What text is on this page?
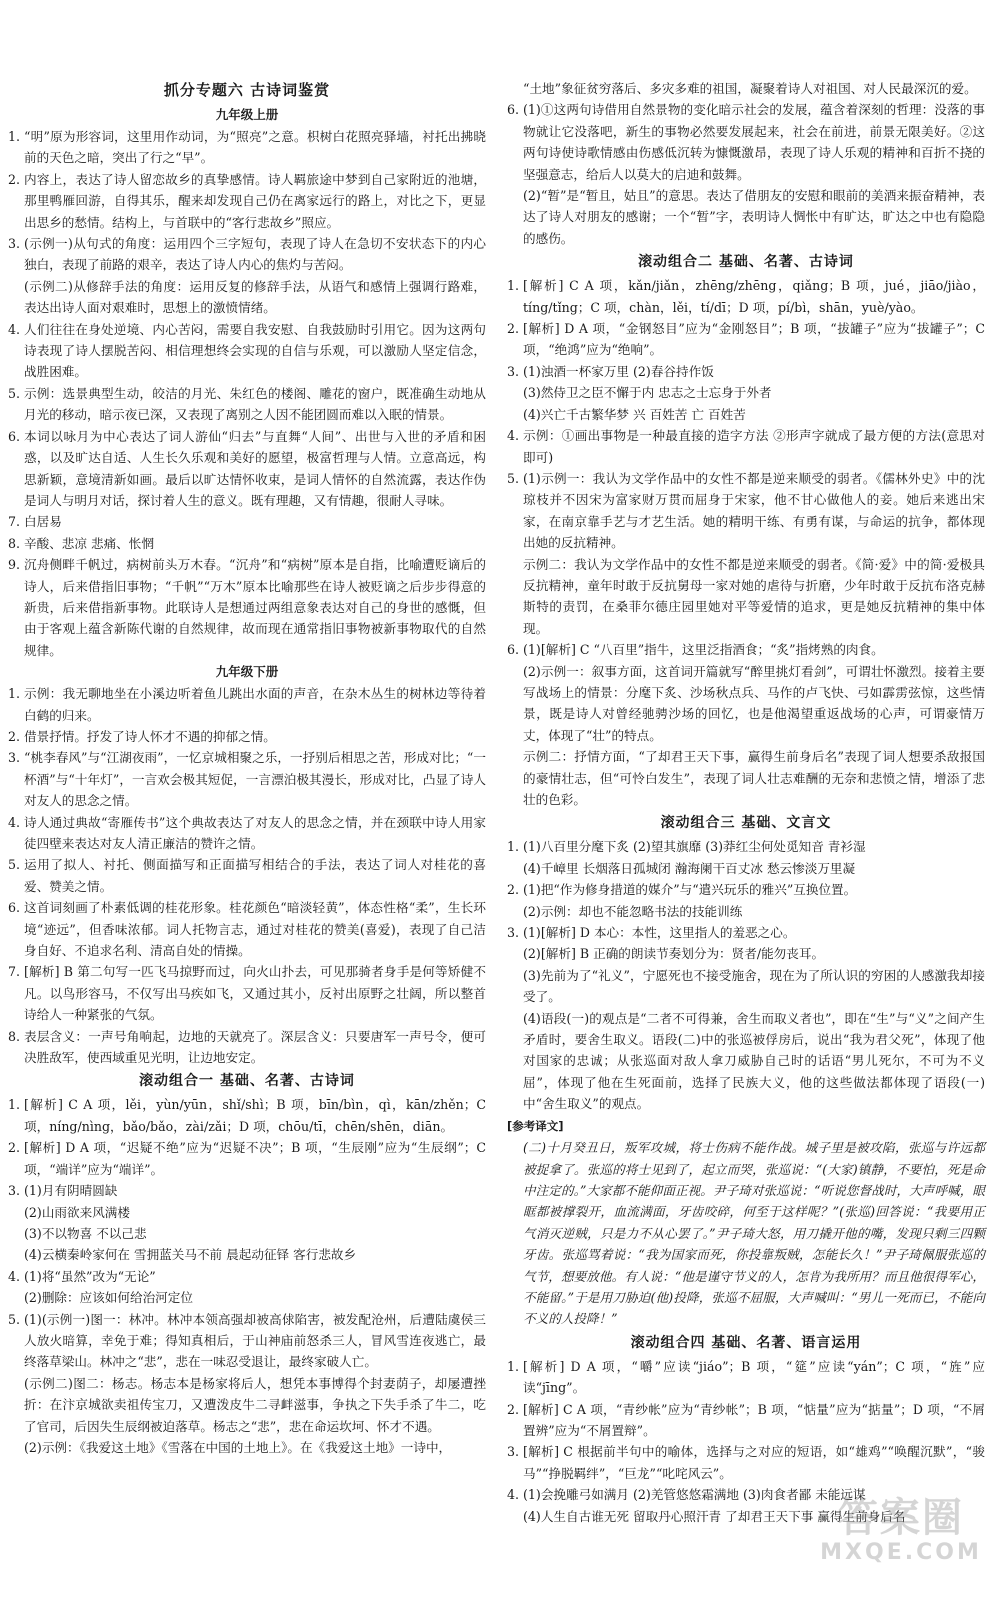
抓分专题六 古诗词鉴赏
九年级上册
1. “明”原为形容词，这里用作动词，为“照亮”之意。枳树白花照亮驿墙，衬托出拂晓前的天色之暗，突出了行之“早”。
2. 内容上，表达了诗人留恋故乡的真挚感情。诗人羁旅途中梦到自己家附近的池塘，那里鸭雁回游，自得其乐，醒来却发现自己仍在离家远行的路上，对比之下，更显出思乡的愁情。结构上，与首联中的“客行悲故乡”照应。
3. (示例一)从句式的角度：运用四个三字短句，表现了诗人在急切不安状态下的内心独白，表现了前路的艰辛，表达了诗人内心的焦灼与苦闷。
(示例二)从修辞手法的角度：运用反复的修辞手法，从语气和感情上强调行路难，表达出诗人面对艰难时，思想上的激愤情绪。
4. 人们往往在身处逆境、内心苦闷，需要自我安慰、自我鼓励时引用它。因为这两句诗表现了诗人摆脱苦闷、相信理想终会实现的自信与乐观，可以激励人坚定信念，战胜困难。
5. 示例：选景典型生动，皎洁的月光、朱红色的楼阁、雕花的窗户，既准确生动地从月光的移动，暗示夜已深，又表现了离别之人因不能团圆而难以入眠的情景。
6. 本词以咏月为中心表达了词人游仙“归去”与直舞“人间”、出世与入世的矛盾和困惑，以及旷达自适、人生长久乐观和美好的愿望，极富哲理与人情。立意高远，构思新颖，意境清新如画。最后以旷达情怀收束，是词人情怀的自然流露，表达作伪是词人与明月对话，探讨着人生的意义。既有理趣，又有情趣，很耐人寻味。
7. 白居易
8. 辛酸、悲凉 悲痛、怅惘
9. 沉舟侧畔千帆过，病树前头万木春。“沉舟”和“病树”原本是自指，比喻遭贬谪后的诗人，后来借指旧事物；“千帆”“万木”原本比喻那些在诗人被贬谪之后步步得意的新贵，后来借指新事物。此联诗人是想通过两组意象表达对自己的身世的感慨，但由于客观上蕴含新陈代谢的自然规律，故而现在通常指旧事物被新事物取代的自然规律。
九年级下册
1. 示例：我无聊地坐在小溪边听着鱼儿跳出水面的声音，在杂木丛生的树林边等待着白鹤的归来。
2. 借景抒情。抒发了诗人怀才不遇的抑郁之情。
3. “桃李春风”与“江湖夜雨”，一忆京城相聚之乐，一抒别后相思之苦，形成对比；“一杯酒”与“十年灯”，一言欢会极其短促，一言漂泊极其漫长，形成对比，凸显了诗人对友人的思念之情。
4. 诗人通过典故“寄雁传书”这个典故表达了对友人的思念之情，并在颈联中诗人用家徒四壁来表达对友人清正廉洁的赞许之情。
5. 运用了拟人、衬托、侧面描写和正面描写相结合的手法，表达了词人对桂花的喜爱、赞美之情。
6. 这首词刻画了朴素低调的桂花形象。桂花颜色“暗淡轻黄”，体态性格“柔”，生长环境“迹远”，但香味浓郁。词人托物言志，通过对桂花的赞美(喜爱)，表现了自己洁身自好、不追求名利、清高自处的情操。
7. [解析] B 第二句写一匹飞马掠野而过，向火山扑去，可见那骑者身手是何等矫健不凡。以鸟形容马，不仅写出马疾如飞，又通过其小，反衬出原野之壮阔，所以整首诗给人一种紧张的气氛。
8. 表层含义：一声号角响起，边地的天就亮了。深层含义：只要唐军一声号令，便可决胜敌军，使西域重见光明，让边地安定。
滚动组合一 基础、名著、古诗词
1. [解析] C A 项，lěi，yùn/yūn，shǐ/shì；B 项，bīn/bìn，qì，kān/zhěn；C 项，níng/nìng，bǎo/bǎo，zài/zǎi；D 项，chōu/tī，chēn/shēn，diān。
2. [解析] D A 项，“迟疑不绝”应为“迟疑不决”；B 项，“生辰刚”应为“生辰纲”；C 项，“端详”应为“端详”。
3. (1)月有阴晴圆缺
(2)山雨欲来风满楼
(3)不以物喜 不以己悲
(4)云横秦岭家何在 雪拥蓝关马不前 晨起动征铎 客行悲故乡
4. (1)将“虽然”改为“无论”
(2)删除：应该如何给治河定位
5. (1)(示例一)图一：林冲。林冲本领高强却被高俅陷害，被发配沧州，后遭陆虞侯三人放火暗算，幸免于难；得知真相后，于山神庙前怒杀三人，冒风雪连夜逃亡，最终落草梁山。林冲之“悲”，悲在一味忍受退让，最终家破人亡。
(示例二)图二：杨志。杨志本是杨家将后人，想凭本事博得个封妻荫子，却屡遭挫折：在汴京城欲卖祖传宝刀，又遭泼皮牛二寻衅滋事，争执之下失手杀了牛二，吃了官司，后因失生辰纲被迫落草。杨志之“悲”，悲在命运坎坷、怀才不遇。
(2)示例：《我爱这土地》《雪落在中国的土地上》。在《我爱这土地》一诗中，

“土地”象征贫穷落后、多灾多难的祖国，凝聚着诗人对祖国、对人民最深沉的爱。

6. (1)①这两句诗借用自然景物的变化暗示社会的发展，蕴含着深刻的哲理：没落的事物就让它没落吧，新生的事物必然要发展起来，社会在前进，前景无限美好。②这两句诗使诗歌情感由伤感低沉转为慷慨激昂，表现了诗人乐观的精神和百折不挠的坚强意志，给后人以莫大的启迪和鼓舞。
(2)“暂”是“暂且，姑且”的意思。表达了借朋友的安慰和眼前的美酒来振奋精神，表达了诗人对朋友的感谢；一个“暂”字，表明诗人惆怅中有旷达，旷达之中也有隐隐的感伤。
滚动组合二 基础、名著、古诗词
1. [解析] C A 项，kǎn/jiǎn，zhēng/zhēng，qiǎng；B 项，jué，jiāo/jiào，tíng/tǐng；C 项，chàn，lěi，tí/dī；D 项，pí/bì，shān，yuè/yào。
2. [解析] D A 项，“金钢怒目”应为“金刚怒目”；B 项，“拔罐子”应为“拔罐子”；C 项，“绝鸿”应为“绝响”。
3. (1)浊酒一杯家万里 (2)春谷持作饭
(3)然侍卫之臣不懈于内 忠志之士忘身于外者
(4)兴亡千古繁华梦 兴 百姓苦 亡 百姓苦
4. 示例：①画出事物是一种最直接的造字方法 ②形声字就成了最方便的方法(意思对即可)
5. (1)示例一：我认为文学作品中的女性不都是逆来顺受的弱者。《儒林外史》中的沈琼枝并不因宋为富家财万贯而屈身于宋家，他不甘心做他人的妾。她后来逃出宋家，在南京靠手艺与才艺生活。她的精明干练、有勇有谋，与命运的抗争，都体现出她的反抗精神。
示例二：我认为文学作品中的女性不都是逆来顺受的弱者。《简·爱》中的简·爱极具反抗精神，童年时敢于反抗舅母一家对她的虐待与折磨，少年时敢于反抗布洛克赫斯特的责罚，在桑菲尔德庄园里她对平等爱情的追求，更是她反抗精神的集中体现。
6. (1)[解析] C “八百里”指牛，这里泛指酒食；“炙”指烤熟的肉食。
(2)示例一：叙事方面，这首词开篇就写“醉里挑灯看剑”，可谓壮怀激烈。接着主要写战场上的情景：分麾下炙、沙场秋点兵、马作的卢飞快、弓如霹雳弦惊，这些情景，既是诗人对曾经驰骋沙场的回忆，也是他渴望重返战场的心声，可谓豪情万丈，体现了“壮”的特点。
示例二：抒情方面，“了却君王天下事，赢得生前身后名”表现了词人想要杀敌报国的豪情壮志，但“可怜白发生”，表现了词人壮志难酬的无奈和悲愤之情，增添了悲壮的色彩。
滚动组合三 基础、文言文
1. (1)八百里分麾下炙 (2)望其旗靡 (3)莽红尘何处觅知音 青衫湿
(4)千嶂里 长烟落日孤城闭 瀚海阑干百丈冰 愁云惨淡万里凝
2. (1)把“作为修身措道的媒介”与“遣兴玩乐的雅兴”互换位置。
(2)示例：却也不能忽略书法的技能训练
3. (1)[解析] D 本心：本性，这里指人的羞恶之心。
(2)[解析] B 正确的朗读节奏划分为：贤者/能勿丧耳。
(3)先前为了“礼义”，宁愿死也不接受施舍，现在为了所认识的穷困的人感激我却接受了。
(4)语段(一)的观点是“二者不可得兼，舍生而取义者也”，即在“生”与“义”之间产生矛盾时，要舍生取义。语段(二)中的张巡被俘房后，说出“我为君父死”，体现了他对国家的忠诚；从张巡面对敌人拿刀威胁自己时的话语“男儿死尔，不可为不义屈”，体现了他在生死面前，选择了民族大义，他的这些做法都体现了语段(一)中“舍生取义”的观点。

[参考译文]

(二)十月癸丑日，叛军攻城，将士伤病不能作战。城子里是被攻陷，张巡与许远都被捉拿了。张巡的将士见到了，起立而哭，张巡说：“(大家)镇静，不要怕，死是命中注定的。”大家都不能仰面正视。尹子琦对张巡说：“听说您督战时，大声呼喊，眼眶都被撑裂开，血流满面，牙齿咬碎，何至于这样呢？”(张巡)回答说：“我要用正气消灭逆贼，只是力不从心罢了。”尹子琦大怒，用刀撬开他的嘴，发现只剩三四颗牙齿。张巡骂着说：“我为国家而死，你投靠叛贼，怎能长久！”尹子琦佩服张巡的气节，想要放他。有人说：“他是谨守节义的人，怎肯为我所用？而且他很得军心，不能留。”于是用刀胁迫(他)投降，张巡不屈服，大声喊叫：“男儿一死而已，不能向不义的人投降！”

滚动组合四 基础、名著、语言运用
1. [解析] D A 项，“嚼”应读“jiáo”；B 项，“筵”应读“yán”；C 项，“旌”应读“jīng”。
2. [解析] C A 项，“青纱帐”应为“青纱帐”；B 项，“惦量”应为“掂量”；D 项，“不屑置辨”应为“不屑置辩”。
3. [解析] C 根据前半句中的喻体，选择与之对应的短语，如“雄鸡”“唤醒沉默”，“骏马”“挣脱羁绊”，“巨龙”“叱咤风云”。
4. (1)会挽雕弓如满月 (2)羌管悠悠霜满地 (3)肉食者鄙 未能远谋
(4)人生自古谁无死 留取丹心照汗青 了却君王天下事 赢得生前身后名
答案圈
MXQE.COM
